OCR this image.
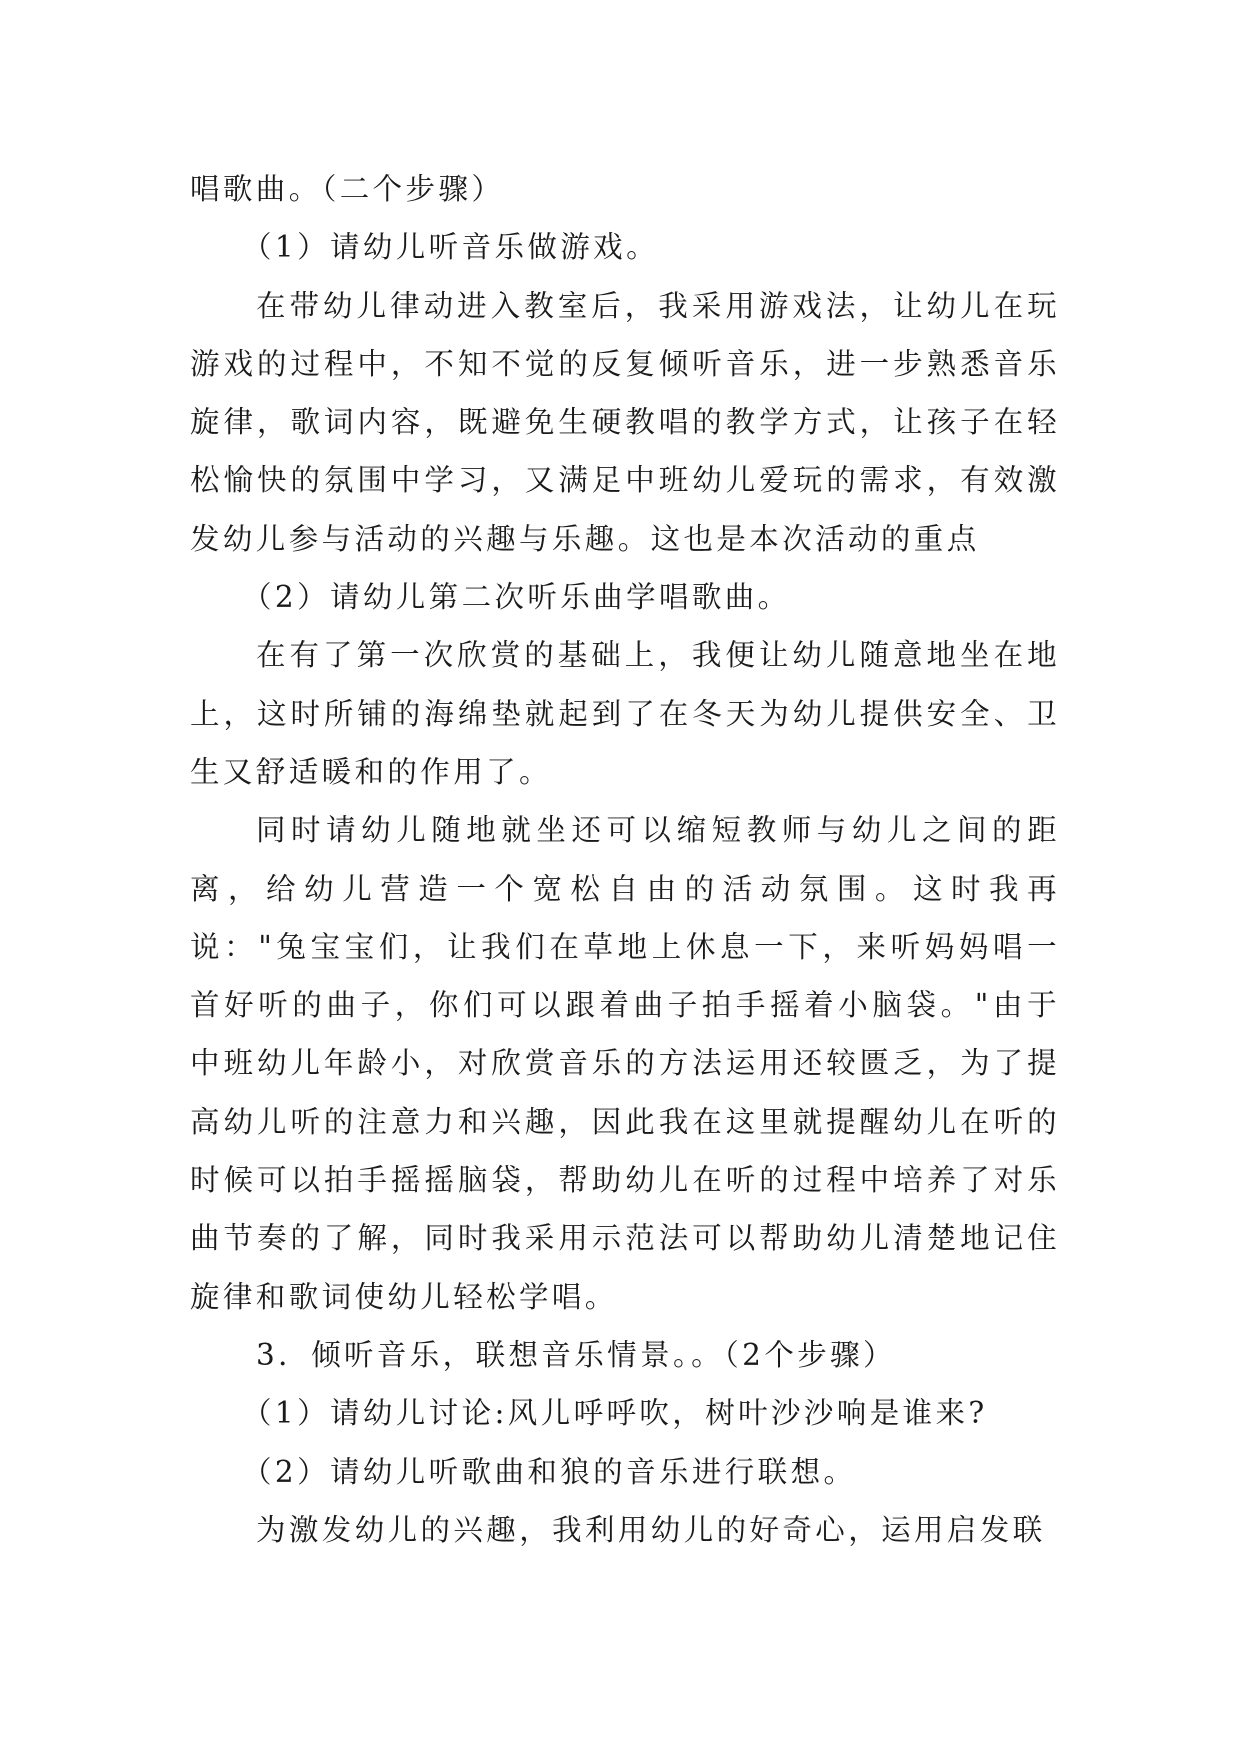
唱歌曲。（二个步骤）

（1）请幼儿听音乐做游戏。

在带幼儿律动进入教室后，我采用游戏法，让幼儿在玩游戏的过程中，不知不觉的反复倾听音乐，进一步熟悉音乐旋律，歌词内容，既避免生硬教唱的教学方式，让孩子在轻松愉快的氛围中学习，又满足中班幼儿爱玩的需求，有效激发幼儿参与活动的兴趣与乐趣。这也是本次活动的重点

（2）请幼儿第二次听乐曲学唱歌曲。

在有了第一次欣赏的基础上，我便让幼儿随意地坐在地上，这时所铺的海绵垫就起到了在冬天为幼儿提供安全、卫生又舒适暖和的作用了。

同时请幼儿随地就坐还可以缩短教师与幼儿之间的距离，给幼儿营造一个宽松自由的活动氛围。这时我再说："兔宝宝们，让我们在草地上休息一下，来听妈妈唱一首好听的曲子，你们可以跟着曲子拍手摇着小脑袋。"由于中班幼儿年龄小，对欣赏音乐的方法运用还较匮乏，为了提高幼儿听的注意力和兴趣，因此我在这里就提醒幼儿在听的时候可以拍手摇摇脑袋，帮助幼儿在听的过程中培养了对乐曲节奏的了解，同时我采用示范法可以帮助幼儿清楚地记住旋律和歌词使幼儿轻松学唱。

3．倾听音乐，联想音乐情景。。（2个步骤）

（1）请幼儿讨论:风儿呼呼吹，树叶沙沙响是谁来?

（2）请幼儿听歌曲和狼的音乐进行联想。

为激发幼儿的兴趣，我利用幼儿的好奇心，运用启发联
